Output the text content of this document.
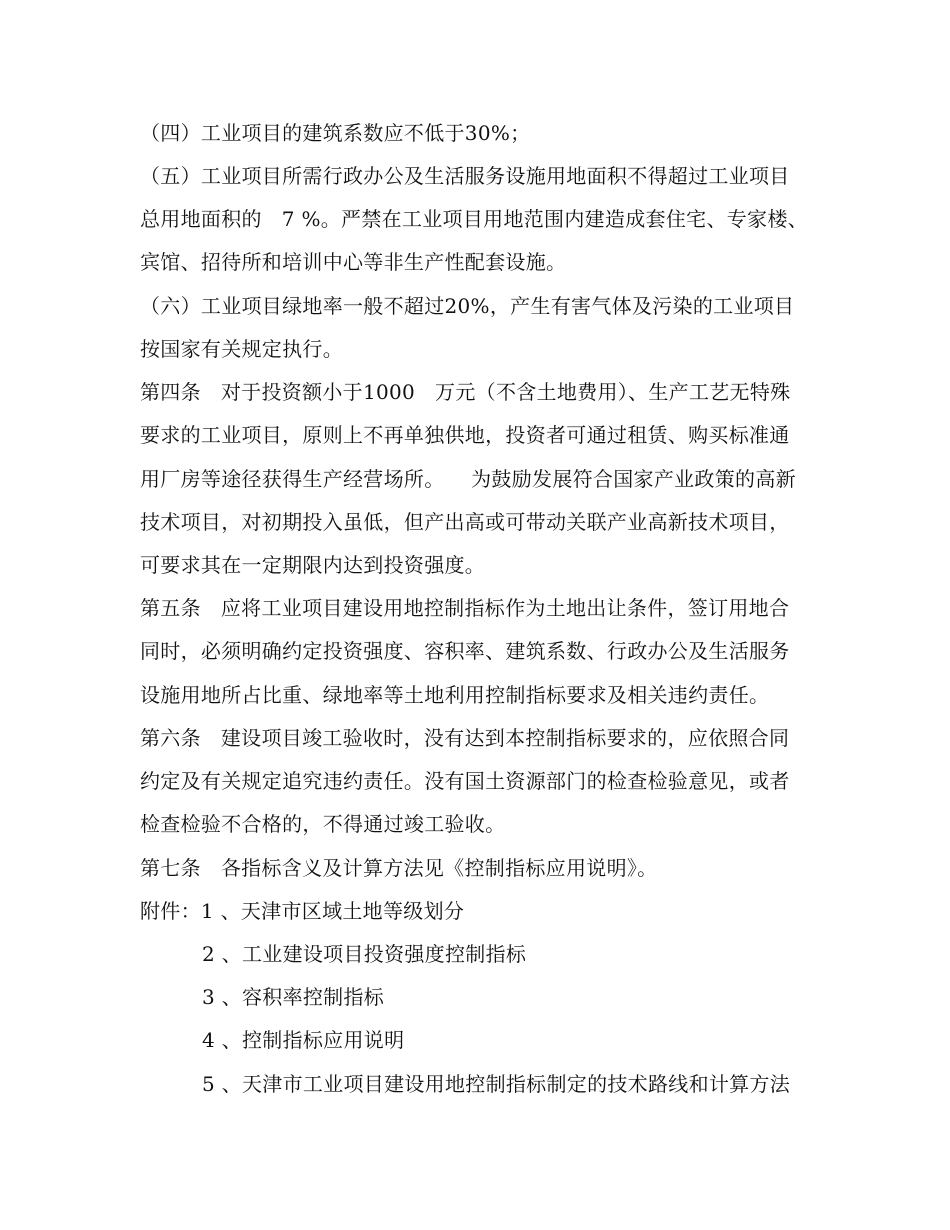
（四）工业项目的建筑系数应不低于30%；
（五）工业项目所需行政办公及生活服务设施用地面积不得超过工业项目
总用地面积的   7 %。严禁在工业项目用地范围内建造成套住宅、专家楼、
宾馆、招待所和培训中心等非生产性配套设施。
（六）工业项目绿地率一般不超过20%，产生有害气体及污染的工业项目
按国家有关规定执行。
第四条   对于投资额小于1000   万元（不含土地费用）、生产工艺无特殊
要求的工业项目，原则上不再单独供地，投资者可通过租赁、购买标准通
用厂房等途径获得生产经营场所。    为鼓励发展符合国家产业政策的高新
技术项目，对初期投入虽低，但产出高或可带动关联产业高新技术项目，
可要求其在一定期限内达到投资强度。
第五条   应将工业项目建设用地控制指标作为土地出让条件，签订用地合
同时，必须明确约定投资强度、容积率、建筑系数、行政办公及生活服务
设施用地所占比重、绿地率等土地利用控制指标要求及相关违约责任。
第六条   建设项目竣工验收时，没有达到本控制指标要求的，应依照合同
约定及有关规定追究违约责任。没有国土资源部门的检查检验意见，或者
检查检验不合格的，不得通过竣工验收。
第七条   各指标含义及计算方法见《控制指标应用说明》。
附件：1 、天津市区域土地等级划分
2 、工业建设项目投资强度控制指标
3 、容积率控制指标
4 、控制指标应用说明
5 、天津市工业项目建设用地控制指标制定的技术路线和计算方法
